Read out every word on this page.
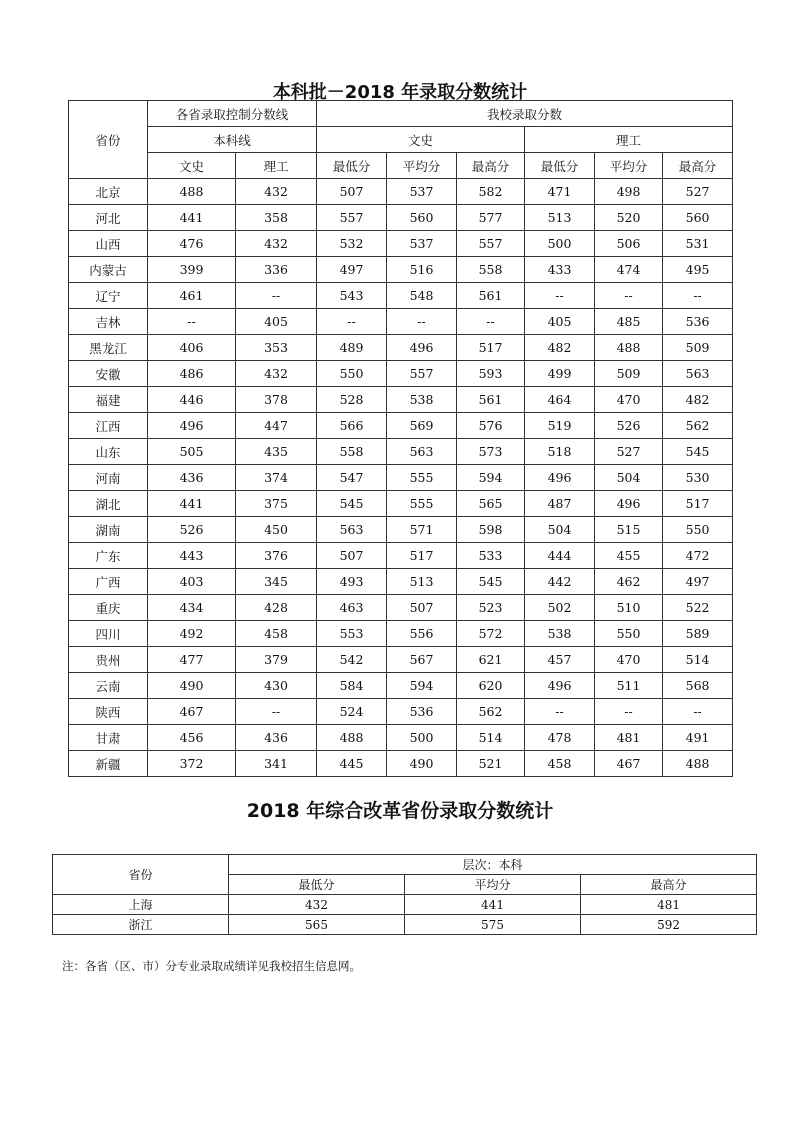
本科批－2018 年录取分数统计
省份	各省录取控制分数线		我校录取分数					
	本科线		文史			理工		
	文史	理工	最低分	平均分	最高分	最低分	平均分	最高分
北京	488	432	507	537	582	471	498	527
河北	441	358	557	560	577	513	520	560
山西	476	432	532	537	557	500	506	531
内蒙古	399	336	497	516	558	433	474	495
辽宁	461	--	543	548	561	--	--	--
吉林	--	405	--	--	--	405	485	536
黑龙江	406	353	489	496	517	482	488	509
安徽	486	432	550	557	593	499	509	563
福建	446	378	528	538	561	464	470	482
江西	496	447	566	569	576	519	526	562
山东	505	435	558	563	573	518	527	545
河南	436	374	547	555	594	496	504	530
湖北	441	375	545	555	565	487	496	517
湖南	526	450	563	571	598	504	515	550
广东	443	376	507	517	533	444	455	472
广西	403	345	493	513	545	442	462	497
重庆	434	428	463	507	523	502	510	522
四川	492	458	553	556	572	538	550	589
贵州	477	379	542	567	621	457	470	514
云南	490	430	584	594	620	496	511	568
陕西	467	--	524	536	562	--	--	--
甘肃	456	436	488	500	514	478	481	491
新疆	372	341	445	490	521	458	467	488
2018 年综合改革省份录取分数统计
省份	层次：本科		
	最低分	平均分	最高分
上海	432	441	481
浙江	565	575	592
注：各省（区、市）分专业录取成绩详见我校招生信息网。
